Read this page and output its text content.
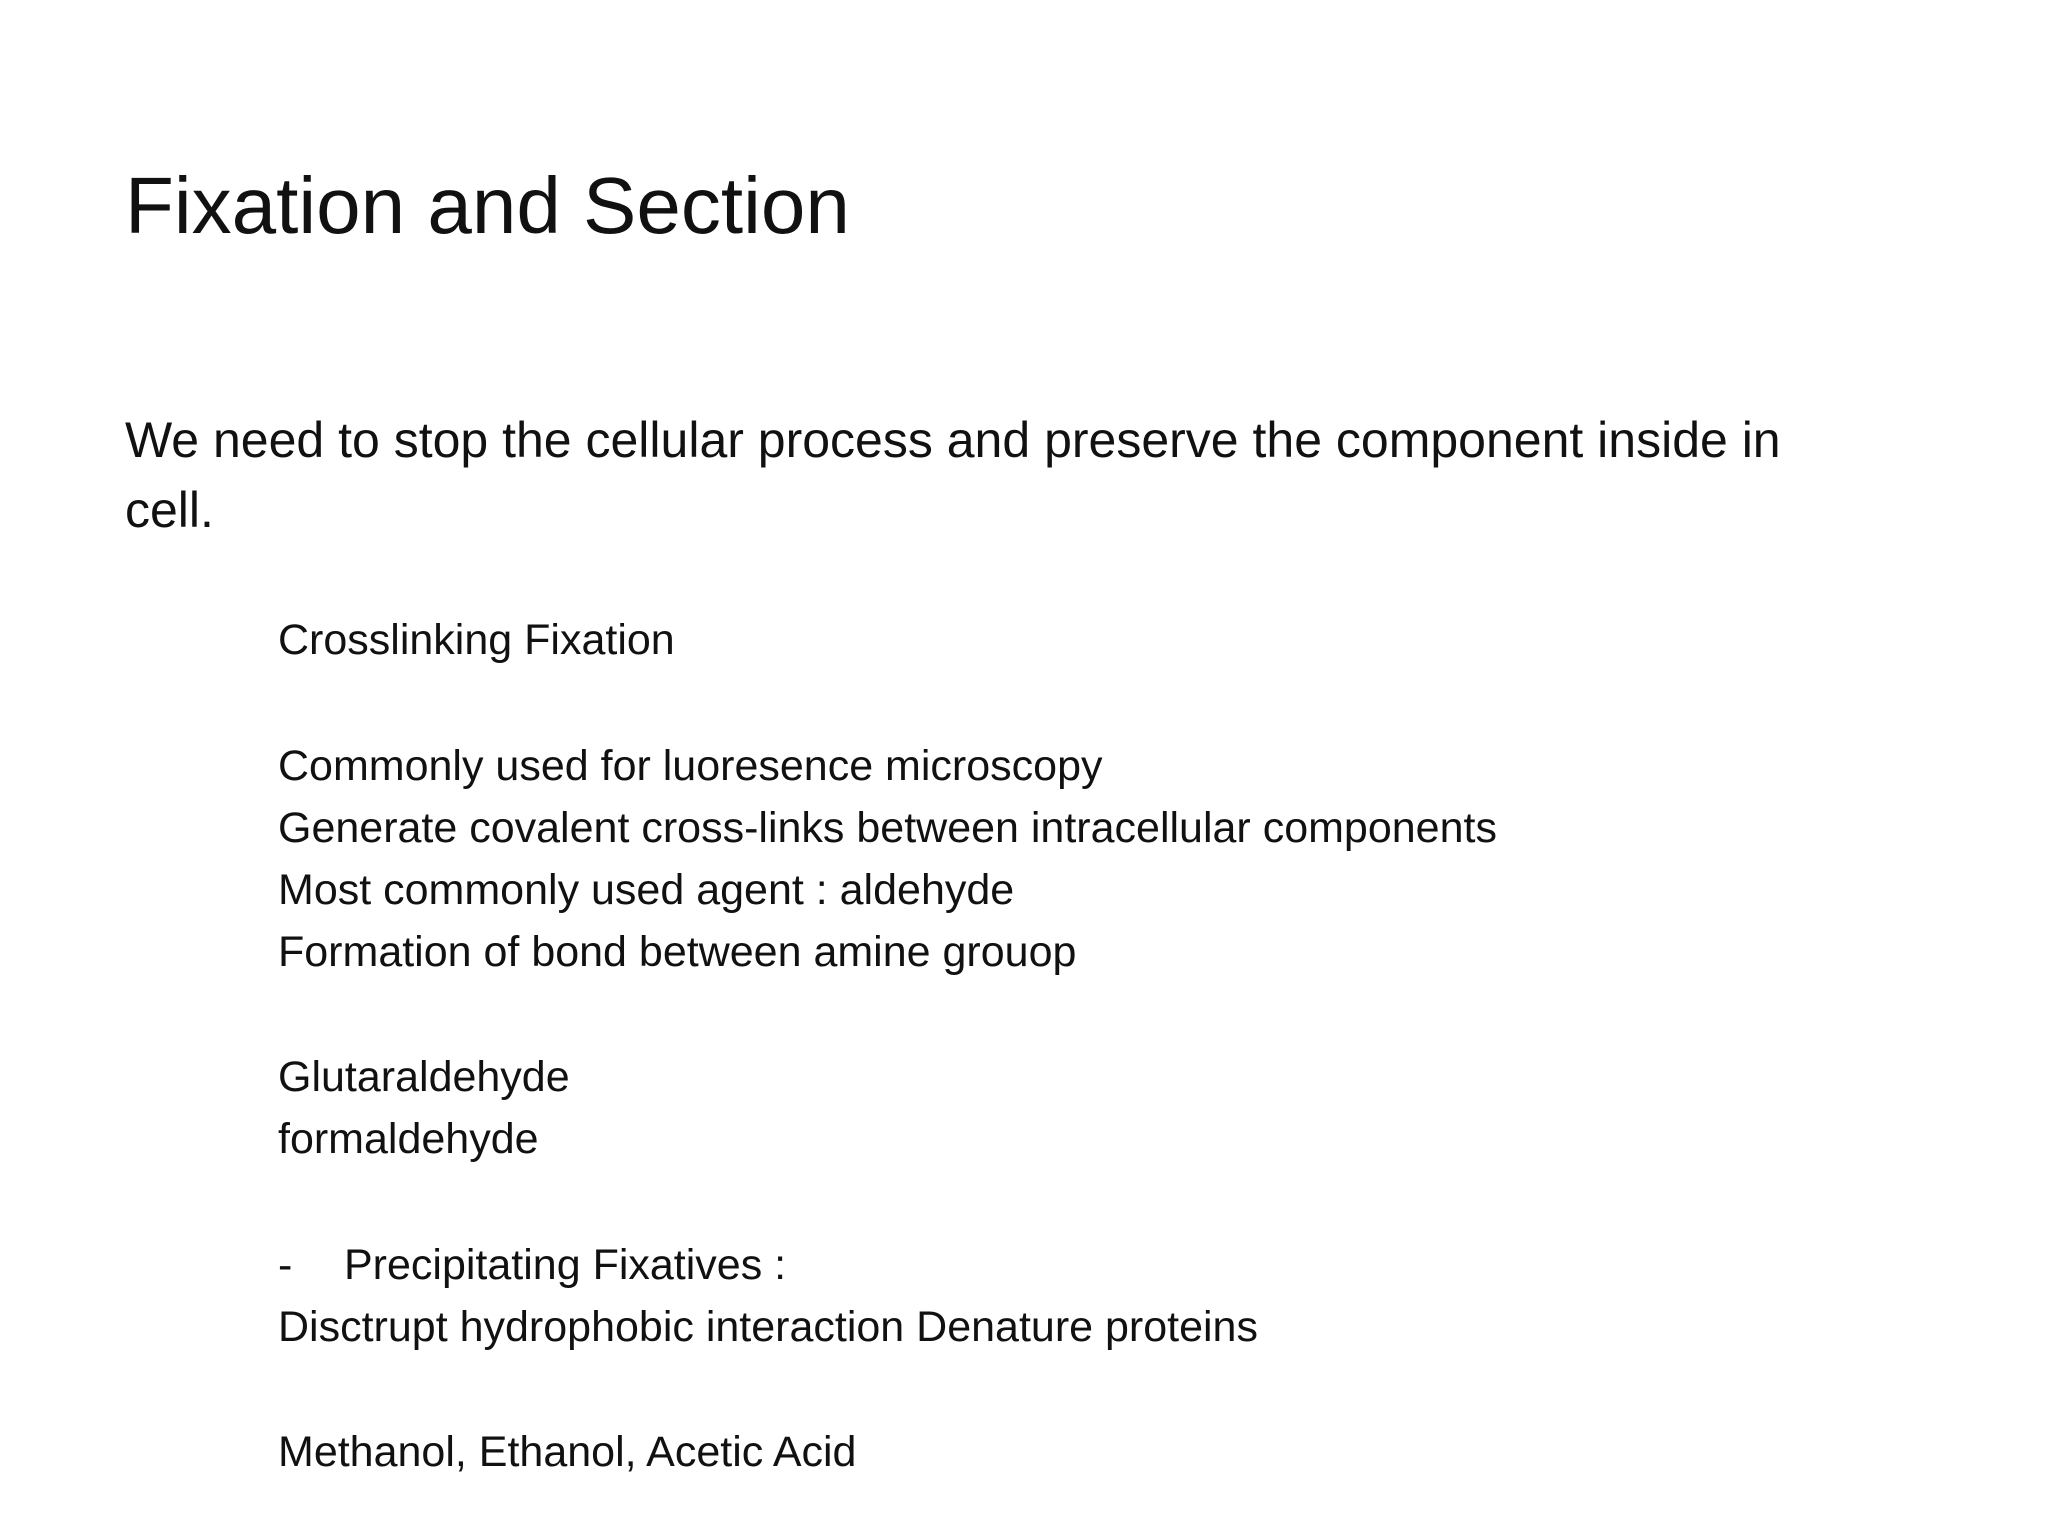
Fixation and Section
We need to stop the cellular process and preserve the component inside in
cell.
Crosslinking Fixation
Commonly used for luoresence microscopy
Generate covalent cross-links between intracellular components
Most commonly used agent : aldehyde
Formation of bond between amine grouop
Glutaraldehyde
formaldehyde
- Precipitating Fixatives :
Disctrupt hydrophobic interaction Denature proteins
Methanol, Ethanol, Acetic Acid
